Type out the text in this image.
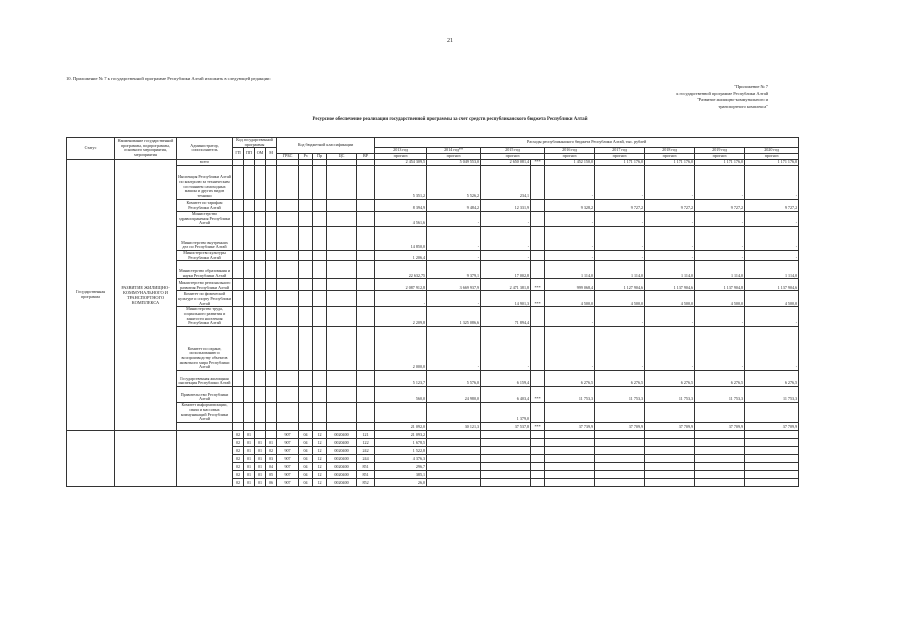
21
10. Приложение № 7 к государственной программе Республики Алтай изложить в следующей редакции:
"Приложение № 7
к государственной программе Республики Алтай
"Развитие жилищно-коммунального и
транспортного комплекса"
Ресурсное обеспечение реализации государственной программы за счет средств республиканского бюджета Республики Алтай
Статус	Наименование государственной программы, подпрограммы, основного мероприятия, мероприятия	Администратор, соисполнитель	Код государственной программы				Код бюджетной классификации					Расходы республиканского бюджета Республики Алтай, тыс. рублей								
			ГП	ПП	ОМ	М						2013 год	2014 год**	2015 год		2016 год	2017 год	2018 год	2019 год	2020 год
							ГРБС	Рз	Пр	ЦС	ВР	прогноз	прогноз	прогноз		прогноз	прогноз	прогноз	прогноз	прогноз
Государственная программа	РАЗВИТИЕ ЖИЛИЩНО-КОММУНАЛЬНОГО И ТРАНСПОРТНОГО КОМПЛЕКСА	всего										2 454 309,5	5 049 553,0	2 650 081,4	***	1 452 150,0	1 171 176,0	1 171 176,0	1 171 176,0	1 171 176,0
		Инспекция Республики Алтай по контролю за техническим состоянием самоходных машин и других видов техники										5 351,2	5 526,2	234,1		-	-	-	-	-
		Комитет по тарифам Республики Алтай										8 394,9	9 484,2	12 331,9		9 328,2	9 727,2	9 727,2	9 727,2	9 727,2
		Министерство здравоохранения Республики Алтай										4 561,6	-	-		-	-	-	-	-
		Министерство внутренних дел по Республике Алтай										14 850,0	-	-		-	-	-	-	-
		Министерство культуры Республики Алтай										1 206,4	-	-		-	-	-	-	-
		Министерство образования и науки Республики Алтай										22 632,75	9 379,1	17 002,8		1 114,0	1 114,0	1 114,0	1 114,0	1 114,0
		Министерство регионального развития Республики Алтай										2 087 912,8	3 669 937,9	2 471 381,8	***	999 068,4	1 127 904,6	1 137 904,6	1 137 904,8	1 137 904,6
		Комитет по физической культуре и спорту Республики Алтай										-	-	14 901,3	***	4 500,0	4 500,0	4 500,0	4 500,0	4 500,0
		Министерство труда, социального развития и занятости населения Республики Алтай										2 209,8	1 325 086,6	71 894,4		-	-	-	-	-
		Комитет по охране, использованию и воспроизводству объектов животного мира Республики Алтай										2 000,0	-	-		-	-	-	-	-
		Государственная жилищная инспекция Республики Алтай										5 123,7	5 576,0	6 159,4		6 276,5	6 276,5	6 276,5	6 276,5	6 276,5
		Правительство Республики Алтай										560,0	24 980,0	6 403,4	***	11 753,3	11 753,3	11 753,3	11 753,3	11 753,3
		Комитет информатизации, связи и массовых коммуникаций Республики Алтай												1 379,0						
												21 092,0	30 121,3	37 537,8	***	37 739,9	37 709,9	37 709,9	37 709,9	37 709,9
			02	01			907	04	12	0020400	121	21 093,2								
			02	01	01	01	907	04	12	0020400	122	1 678,5								
			02	01	01	02	907	04	12	0020400	242	1 522,8								
			02	01	01	03	907	04	12	0020400	244	4 376,3								
			02	01	01	04	907	04	12	0020400	851	296,7								
			02	01	01	05	907	04	12	0020400	851	385,1								
			02	01	01	06	907	04	12	0020400	852	26,0								
